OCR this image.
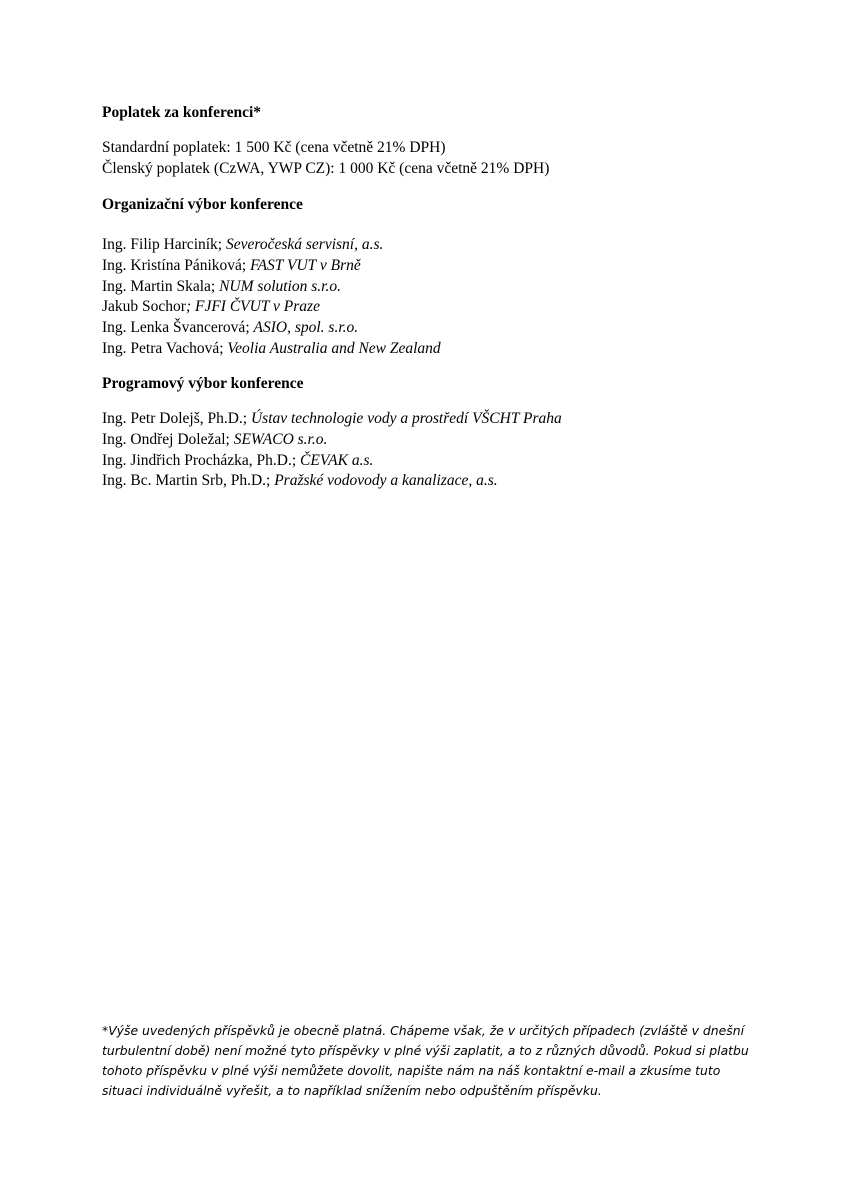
Poplatek za konferenci*
Standardní poplatek: 1 500 Kč (cena včetně 21% DPH)
Členský poplatek (CzWA, YWP CZ): 1 000 Kč (cena včetně 21% DPH)
Organizační výbor konference
Ing. Filip Harciník; Severočeská servisní, a.s.
Ing. Kristína Pániková; FAST VUT v Brně
Ing. Martin Skala; NUM solution s.r.o.
Jakub Sochor; FJFI ČVUT v Praze
Ing. Lenka Švancerová; ASIO, spol. s.r.o.
Ing. Petra Vachová; Veolia Australia and New Zealand
Programový výbor konference
Ing. Petr Dolejš, Ph.D.; Ústav technologie vody a prostředí VŠCHT Praha
Ing. Ondřej Doležal; SEWACO s.r.o.
Ing. Jindřich Procházka, Ph.D.; ČEVAK a.s.
Ing. Bc. Martin Srb, Ph.D.; Pražské vodovody a kanalizace, a.s.

*Výše uvedených příspěvků je obecně platná. Chápeme však, že v určitých případech (zvláště v dnešní turbulentní době) není možné tyto příspěvky v plné výši zaplatit, a to z různých důvodů. Pokud si platbu tohoto příspěvku v plné výši nemůžete dovolit, napište nám na náš kontaktní e-mail a zkusíme tuto situaci individuálně vyřešit, a to například snížením nebo odpuštěním příspěvku.
